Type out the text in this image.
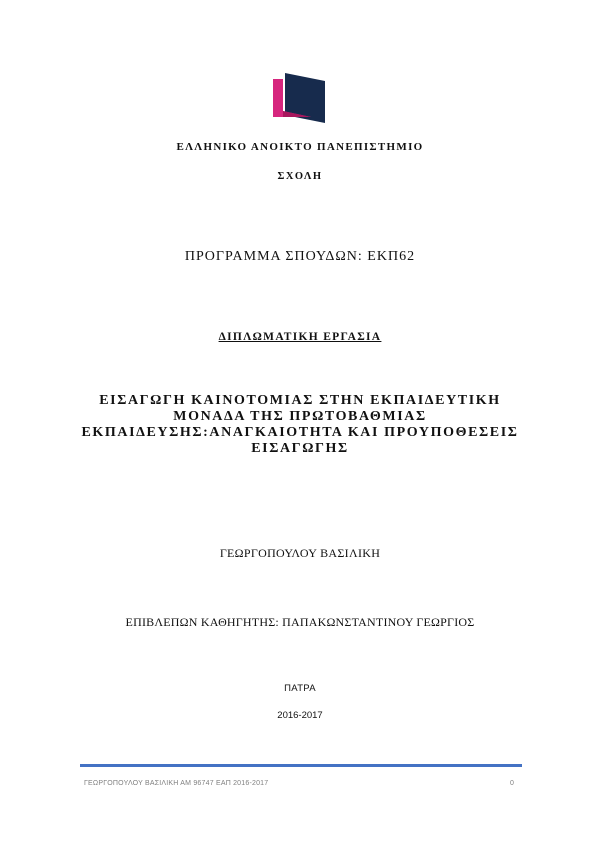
ΕΛΛΗΝΙΚΟ ΑΝΟΙΚΤΟ ΠΑΝΕΠΙΣΤΗΜΙΟ
ΣΧΟΛΗ
ΠΡΟΓΡΑΜΜΑ ΣΠΟΥΔΩΝ: ΕΚΠ62
ΔΙΠΛΩΜΑΤΙΚΗ ΕΡΓΑΣΙΑ
ΕΙΣΑΓΩΓΗ ΚΑΙΝΟΤΟΜΙΑΣ ΣΤΗΝ ΕΚΠΑΙΔΕΥΤΙΚΗ
ΜΟΝΑΔΑ ΤΗΣ ΠΡΩΤΟΒΑΘΜΙΑΣ
ΕΚΠΑΙΔΕΥΣΗΣ:ΑΝΑΓΚΑΙΟΤΗΤΑ ΚΑΙ ΠΡΟΥΠΟΘΕΣΕΙΣ
ΕΙΣΑΓΩΓΗΣ
ΓΕΩΡΓΟΠΟΥΛΟΥ ΒΑΣΙΛΙΚΗ
ΕΠΙΒΛΕΠΩΝ ΚΑΘΗΓΗΤΗΣ: ΠΑΠΑΚΩΝΣΤΑΝΤΙΝΟΥ ΓΕΩΡΓΙΟΣ
ΠΑΤΡΑ
2016-2017
ΓΕΩΡΓΟΠΟΥΛΟΥ ΒΑΣΙΛΙΚΗ ΑΜ 96747 ΕΑΠ 2016-2017	0
